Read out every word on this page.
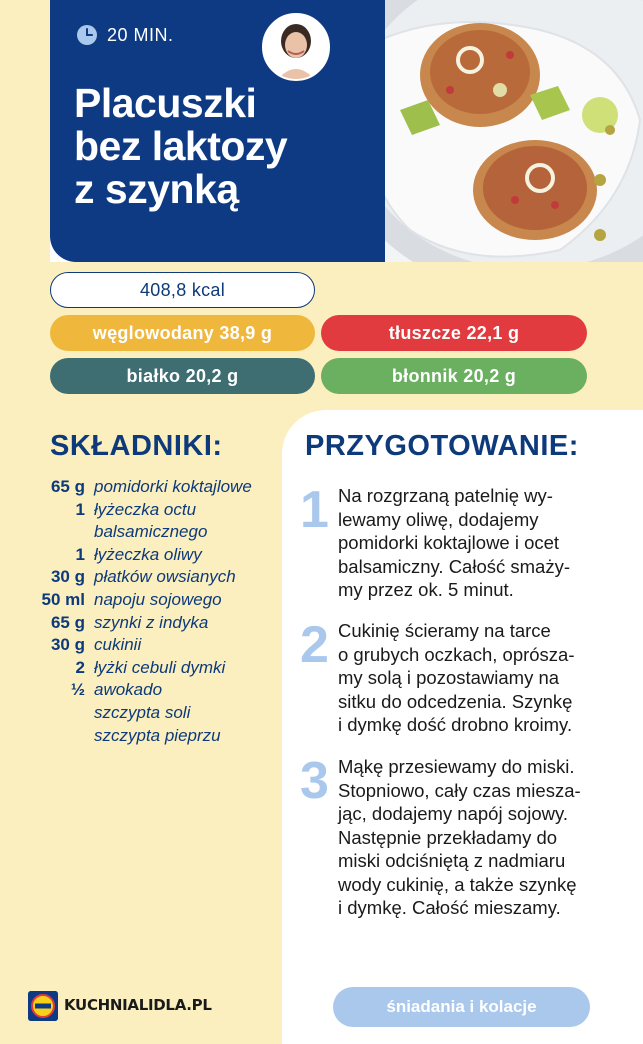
20 MIN.
Placuszki
bez laktozy
z szynką
408,8 kcal
węglowodany 38,9 g	tłuszcze 22,1 g
białko 20,2 g	błonnik 20,2 g
SKŁADNIKI:
65 g pomidorki koktajlowe
1 łyżeczka octu
balsamicznego
1 łyżeczka oliwy
30 g płatków owsianych
50 ml napoju sojowego
65 g szynki z indyka
30 g cukinii
2 łyżki cebuli dymki
½ awokado
szczypta soli
szczypta pieprzu
PRZYGOTOWANIE:
1 Na rozgrzaną patelnię wy-
lewamy oliwę, dodajemy
pomidorki koktajlowe i ocet
balsamiczny. Całość smaży-
my przez ok. 5 minut.
2 Cukinię ścieramy na tarce
o grubych oczkach, oprósza-
my solą i pozostawiamy na
sitku do odcedzenia. Szynkę
i dymkę dość drobno kroimy.
3 Mąkę przesiewamy do miski.
Stopniowo, cały czas miesza-
jąc, dodajemy napój sojowy.
Następnie przekładamy do
miski odciśniętą z nadmiaru
wody cukinię, a także szynkę
i dymkę. Całość mieszamy.
KUCHNIALIDLA.PL	śniadania i kolacje
